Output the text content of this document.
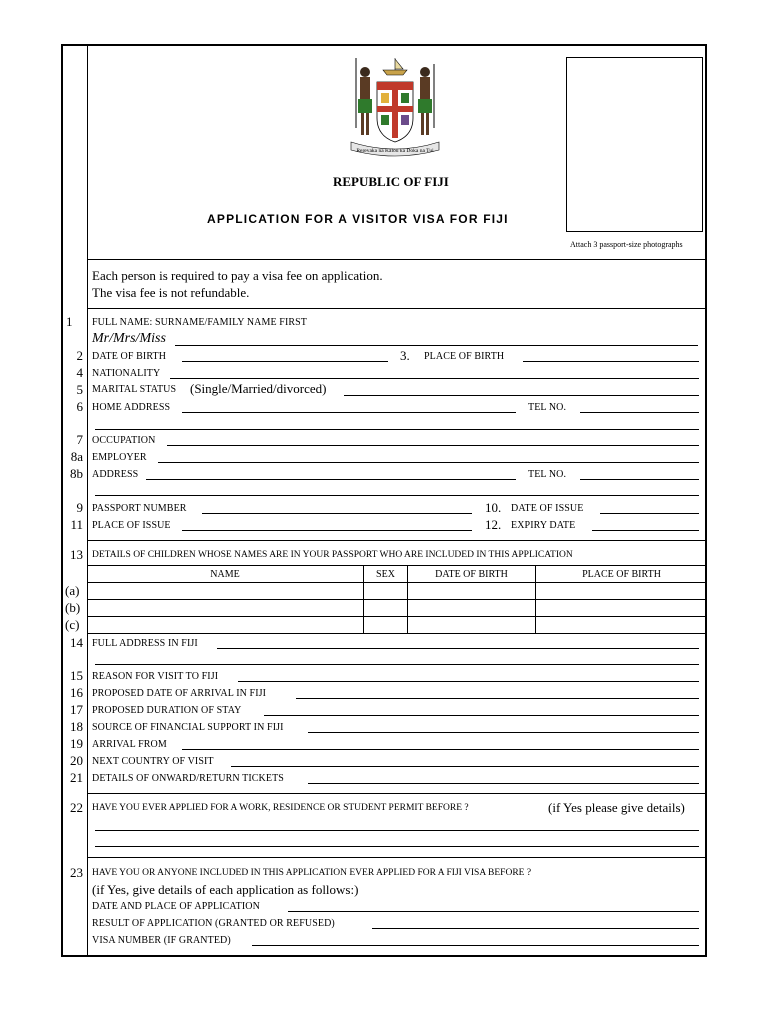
Rerevaka na Kalou ka Doka na Tui
REPUBLIC OF FIJI
APPLICATION FOR A VISITOR VISA FOR FIJI
Attach 3 passport-size photographs
Each person is required to pay a visa fee on application.
The visa fee is not refundable.
1	FULL NAME: SURNAME/FAMILY NAME FIRST
Mr/Mrs/Miss
2 DATE OF BIRTH	3. PLACE OF BIRTH
4 NATIONALITY
5 MARITAL STATUS (Single/Married/divorced)
6 HOME ADDRESS	TEL NO.
7 OCCUPATION
8a EMPLOYER
8b ADDRESS	TEL NO.
9 PASSPORT NUMBER	10. DATE OF ISSUE
11 PLACE OF ISSUE	12. EXPIRY DATE
13 DETAILS OF CHILDREN WHOSE NAMES ARE IN YOUR PASSPORT WHO ARE INCLUDED IN THIS APPLICATION
NAME	SEX	DATE OF BIRTH	PLACE OF BIRTH

(a)
(b)
(c)
14 FULL ADDRESS IN FIJI
15 REASON FOR VISIT TO FIJI
16 PROPOSED DATE OF ARRIVAL IN FIJI
17 PROPOSED DURATION OF STAY
18 SOURCE OF FINANCIAL SUPPORT IN FIJI
19 ARRIVAL FROM
20 NEXT COUNTRY OF VISIT
21 DETAILS OF ONWARD/RETURN TICKETS
22 HAVE YOU EVER APPLIED FOR A WORK, RESIDENCE OR STUDENT PERMIT BEFORE ?	(if Yes please give details)
23 HAVE YOU OR ANYONE INCLUDED IN THIS APPLICATION EVER APPLIED FOR A FIJI VISA BEFORE ?
(if Yes, give details of each application as follows:)
DATE AND PLACE OF APPLICATION
RESULT OF APPLICATION (GRANTED OR REFUSED)
VISA NUMBER (IF GRANTED)
